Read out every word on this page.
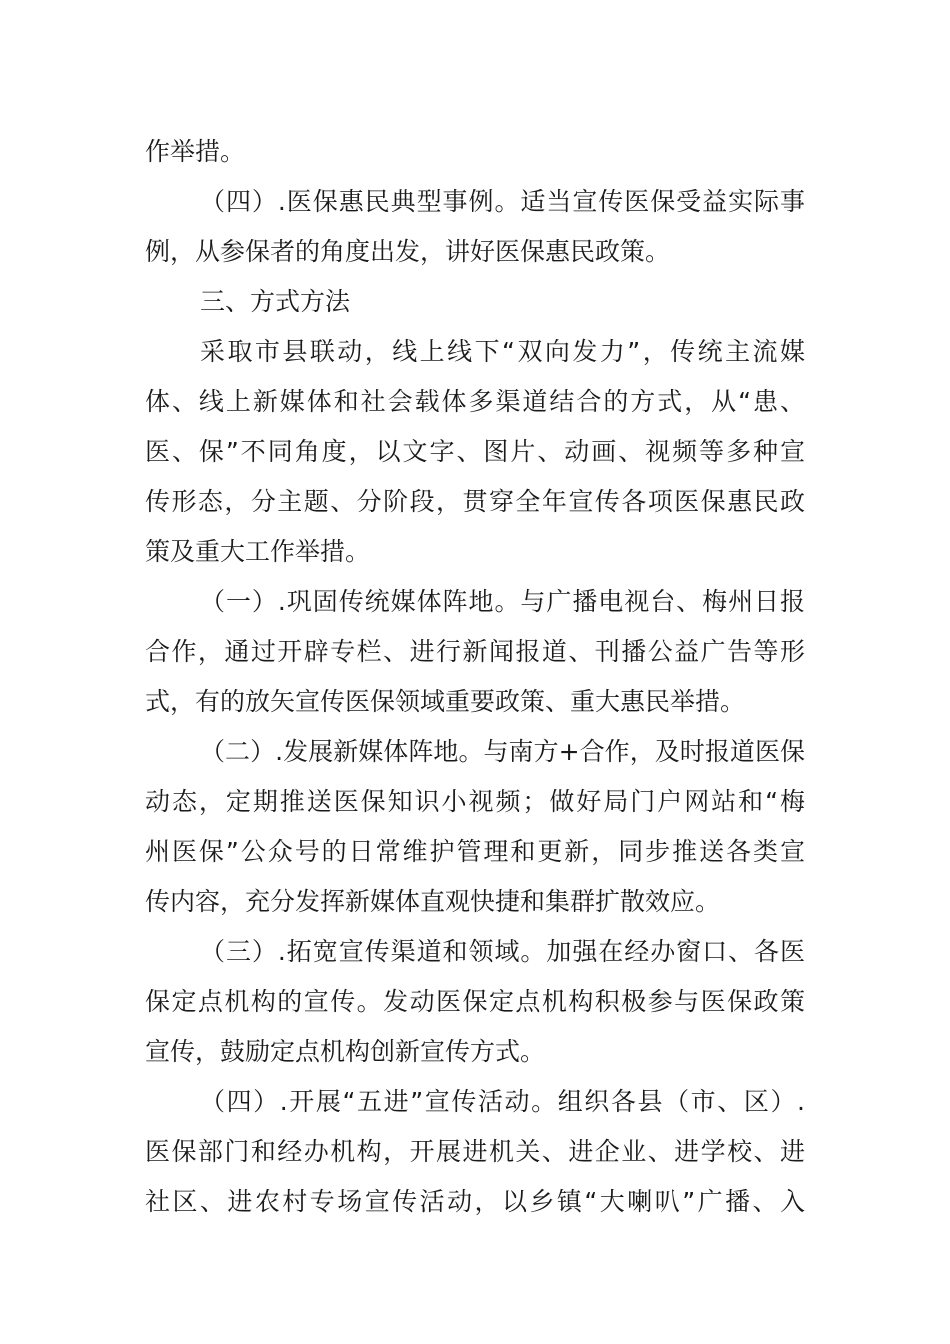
作举措。
（四）.医保惠民典型事例。适当宣传医保受益实际事
例，从参保者的角度出发，讲好医保惠民政策。
三、方式方法
采取市县联动，线上线下“双向发力”，传统主流媒
体、线上新媒体和社会载体多渠道结合的方式，从“患、
医、保”不同角度，以文字、图片、动画、视频等多种宣
传形态，分主题、分阶段，贯穿全年宣传各项医保惠民政
策及重大工作举措。
（一）.巩固传统媒体阵地。与广播电视台、梅州日报
合作，通过开辟专栏、进行新闻报道、刊播公益广告等形
式，有的放矢宣传医保领域重要政策、重大惠民举措。
（二）.发展新媒体阵地。与南方+合作，及时报道医保
动态，定期推送医保知识小视频；做好局门户网站和“梅
州医保”公众号的日常维护管理和更新，同步推送各类宣
传内容，充分发挥新媒体直观快捷和集群扩散效应。
（三）.拓宽宣传渠道和领域。加强在经办窗口、各医
保定点机构的宣传。发动医保定点机构积极参与医保政策
宣传，鼓励定点机构创新宣传方式。
（四）.开展“五进”宣传活动。组织各县（市、区）.
医保部门和经办机构，开展进机关、进企业、进学校、进
社区、进农村专场宣传活动，以乡镇“大喇叭”广播、入
